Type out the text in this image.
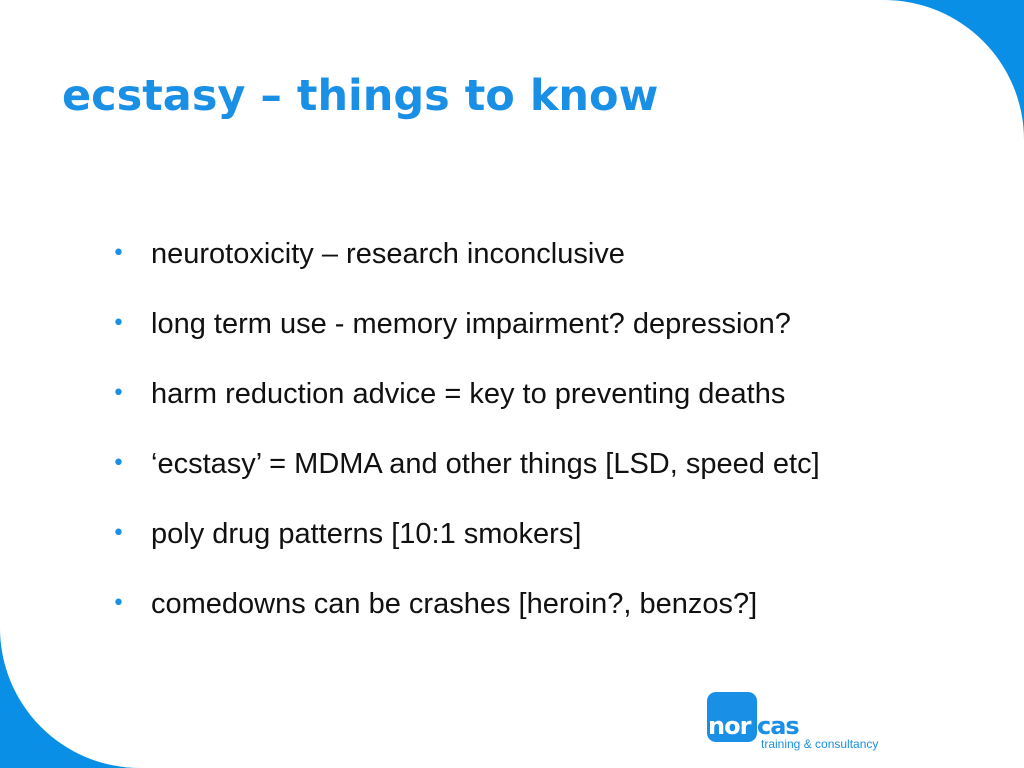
ecstasy – things to know
• neurotoxicity – research inconclusive
• long term use - memory impairment? depression?
• harm reduction advice = key to preventing deaths
• ‘ecstasy’ = MDMA and other things [LSD, speed etc]
• poly drug patterns [10:1 smokers]
• comedowns can be crashes [heroin?, benzos?]
nor cas
training & consultancy
